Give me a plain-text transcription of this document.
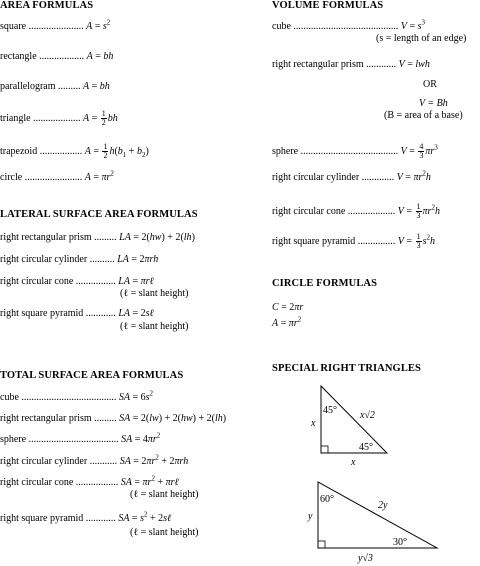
AREA FORMULAS
square ...................... $A = s^2$
rectangle .................. A = bh
parallelogram ......... A = bh
triangle ................... $A = \frac{1}{2}$ bh
trapezoid ................. $A = \frac{1}{2} h(b_1 + b_2)$
circle ....................... $A = \pi r^2$
LATERAL SURFACE AREA FORMULAS
right rectangular prism ......... LA = 2(hw) + 2(lh)
right circular cylinder .......... LA = 2πrh
right circular cone ................ LA = πrℓ
(ℓ = slant height)
right square pyramid ............ LA = 2sℓ
(ℓ = slant height)
TOTAL SURFACE AREA FORMULAS
cube ...................................... SA = $6s^2$
right rectangular prism ......... SA = 2(lw) + 2(hw) + 2(lh)
sphere .................................... SA = $4\pi r^2$
right circular cylinder ........... SA = $2\pi r^2 + 2\pi rh$
right circular cone ................. SA = $\pi r^2$ + πrℓ
(ℓ = slant height)
right square pyramid ............ SA = $s^2$ + 2sℓ
(ℓ = slant height)
VOLUME FORMULAS
cube .......................................... $V = s^3$
(s = length of an edge)
right rectangular prism ............ V = lwh
OR
V = Bh
(B = area of a base)
sphere ....................................... $V = \frac{4}{3} \pi r^3$
right circular cylinder ............. $V = \pi r^2h$
right circular cone ................... $V = \frac{1}{3} \pi r^2h$
right square pyramid ............... $V = \frac{1}{3} s^2h$
CIRCLE FORMULAS
C = 2πr
$A = \pi r^2$
SPECIAL RIGHT TRIANGLES
45°
45°
x
x
x√2
60°
30°
y
y√3
2y
